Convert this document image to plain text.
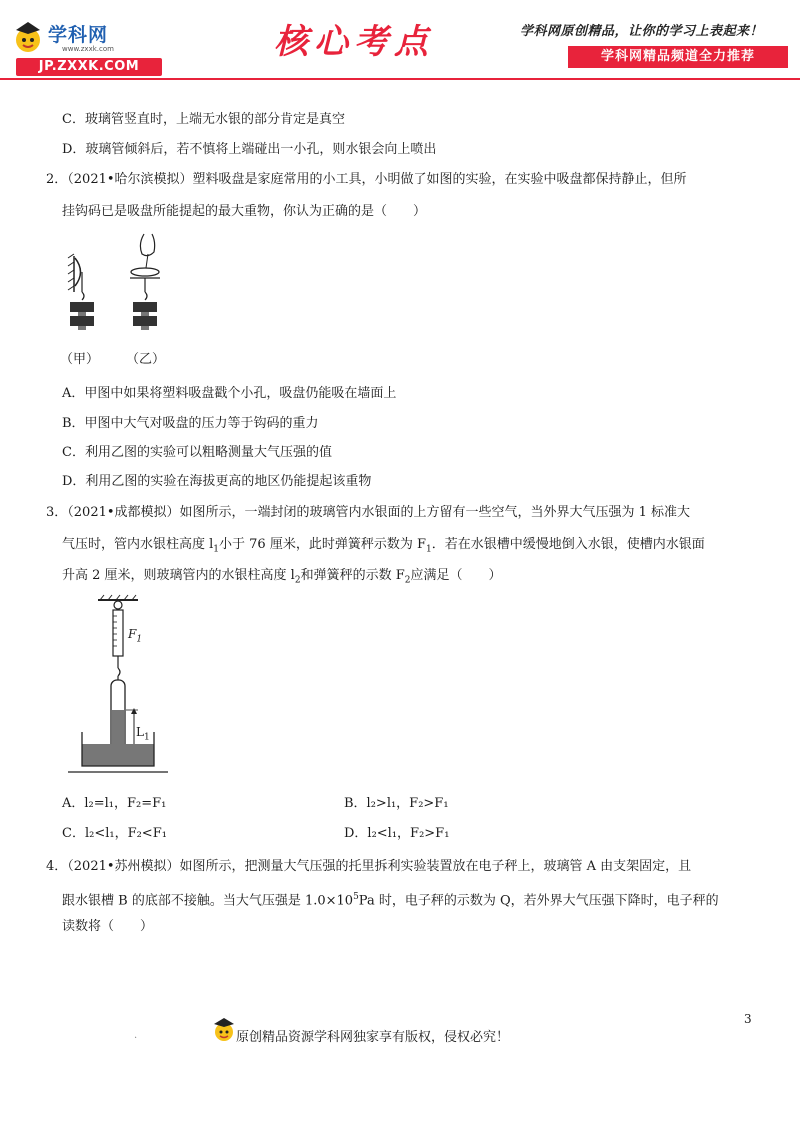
学科网
www.zxxk.com
JP.ZXXK.COM
核心考点	学科网原创精品，让你的学习上表起来！
学科网精品频道全力推荐
C．玻璃管竖直时，上端无水银的部分肯定是真空
D．玻璃管倾斜后，若不慎将上端碰出一小孔，则水银会向上喷出
2．（2021•哈尔滨模拟）塑料吸盘是家庭常用的小工具，小明做了如图的实验，在实验中吸盘都保持静止，但所
挂钩码已是吸盘所能提起的最大重物，你认为正确的是（　　）
（甲） （乙）
A．甲图中如果将塑料吸盘戳个小孔，吸盘仍能吸在墙面上
B．甲图中大气对吸盘的压力等于钩码的重力
C．利用乙图的实验可以粗略测量大气压强的值
D．利用乙图的实验在海拔更高的地区仍能提起该重物
3．（2021•成都模拟）如图所示，一端封闭的玻璃管内水银面的上方留有一些空气，当外界大气压强为 1 标准大
气压时，管内水银柱高度 $l_1$小于 76 厘米，此时弹簧秤示数为 $F_1$．若在水银槽中缓慢地倒入水银，使槽内水银面
升高 2 厘米，则玻璃管内的水银柱高度 $l_2$和弹簧秤的示数 $F_2$应满足（　　）
$F_1$
$L_1$
A．l₂=l₁，F₂=F₁	B．l₂>l₁，F₂>F₁
C．l₂<l₁，F₂<F₁	D．l₂<l₁，F₂>F₁
4．（2021•苏州模拟）如图所示，把测量大气压强的托里拆利实验装置放在电子秤上，玻璃管 A 由支架固定，且
跟水银槽 B 的底部不接触。当大气压强是 $1.0\times 10^5Pa$ 时，电子秤的示数为 Q，若外界大气压强下降时，电子秤的
读数将（　　）
3
.	原创精品资源学科网独家享有版权，侵权必究！
